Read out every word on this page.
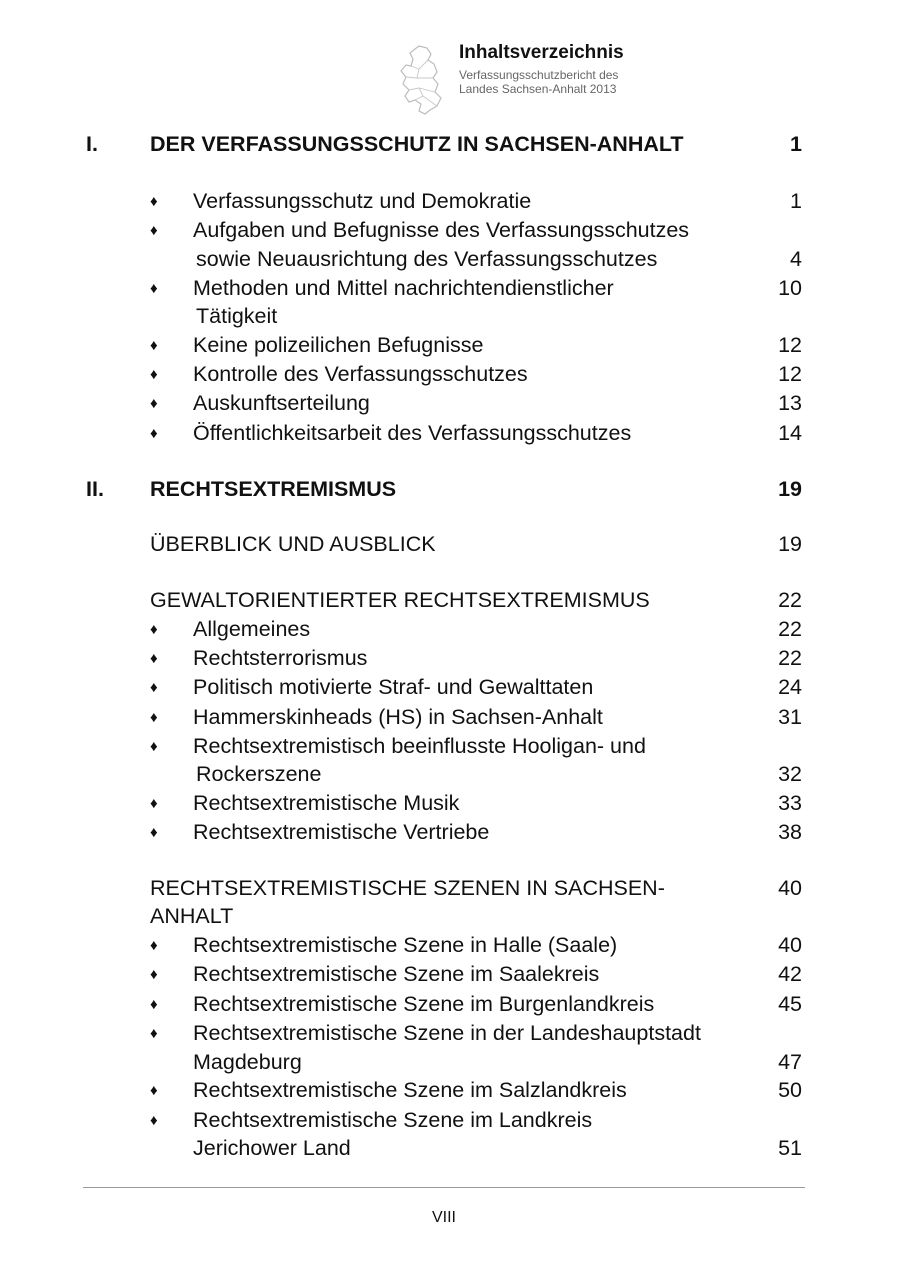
Inhaltsverzeichnis
Verfassungsschutzbericht des
Landes Sachsen-Anhalt 2013
I. DER VERFASSUNGSSCHUTZ IN SACHSEN-ANHALT	1
♦ Verfassungsschutz und Demokratie	1
♦ Aufgaben und Befugnisse des Verfassungsschutzes
sowie Neuausrichtung des Verfassungsschutzes	4
♦ Methoden und Mittel nachrichtendienstlicher	10
Tätigkeit
♦ Keine polizeilichen Befugnisse	12
♦ Kontrolle des Verfassungsschutzes	12
♦ Auskunftserteilung	13
♦ Öffentlichkeitsarbeit des Verfassungsschutzes	14
II. RECHTSEXTREMISMUS	19
ÜBERBLICK UND AUSBLICK	19
GEWALTORIENTIERTER RECHTSEXTREMISMUS	22
♦ Allgemeines	22
♦ Rechtsterrorismus	22
♦ Politisch motivierte Straf- und Gewalttaten	24
♦ Hammerskinheads (HS) in Sachsen-Anhalt	31
♦ Rechtsextremistisch beeinflusste Hooligan- und
Rockerszene	32
♦ Rechtsextremistische Musik	33
♦ Rechtsextremistische Vertriebe	38
RECHTSEXTREMISTISCHE SZENEN IN SACHSEN-	40
ANHALT
♦ Rechtsextremistische Szene in Halle (Saale)	40
♦ Rechtsextremistische Szene im Saalekreis	42
♦ Rechtsextremistische Szene im Burgenlandkreis	45
♦ Rechtsextremistische Szene in der Landeshauptstadt
Magdeburg	47
♦ Rechtsextremistische Szene im Salzlandkreis	50
♦ Rechtsextremistische Szene im Landkreis
Jerichower Land	51
VIII
